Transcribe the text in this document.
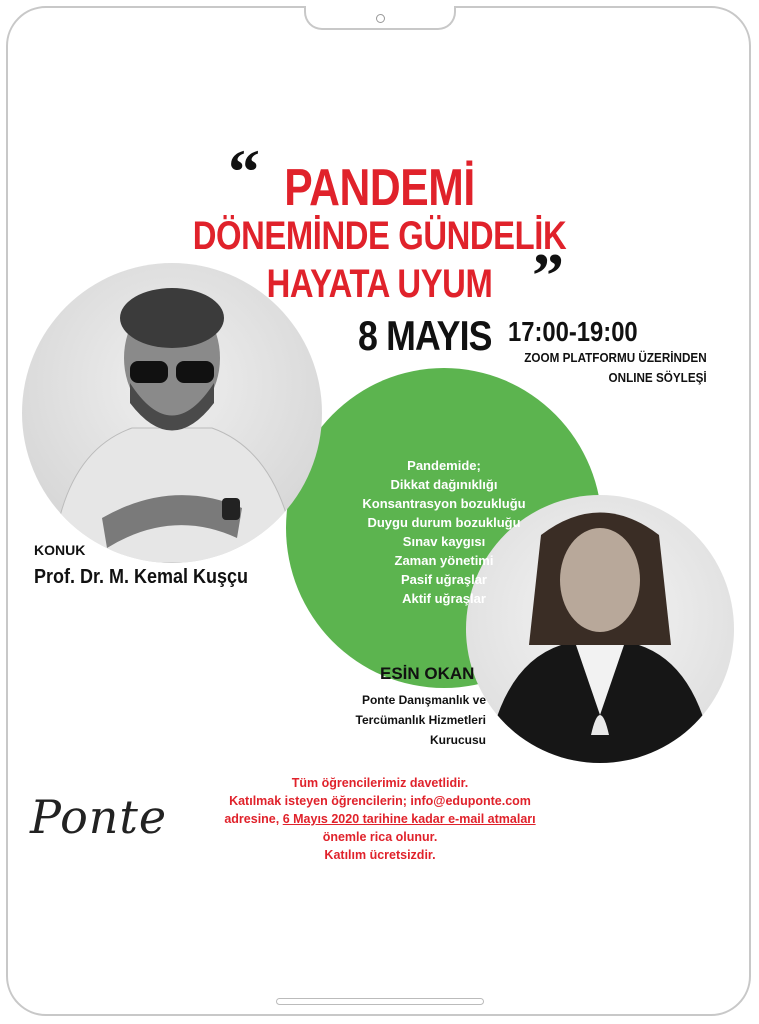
“ PANDEMİ
DÖNEMİNDE GÜNDELİK
HAYATA UYUM ”
8 MAYIS 17:00-19:00
ZOOM PLATFORMU ÜZERİNDEN
ONLINE SÖYLEŞİ
Pandemide;
Dikkat dağınıklığı
Konsantrasyon bozukluğu
Duygu durum bozukluğu
Sınav kaygısı
Zaman yönetimi
Pasif uğraşlar
Aktif uğraşlar
KONUK
Prof. Dr. M. Kemal Kuşçu
ESİN OKAN
Ponte Danışmanlık ve
Tercümanlık Hizmetleri
Kurucusu
Tüm öğrencilerimiz davetlidir.
Katılmak isteyen öğrencilerin; info@eduponte.com
adresine, 6 Mayıs 2020 tarihine kadar e-mail atmaları
önemle rica olunur.
Katılım ücretsizdir.
Ponte
